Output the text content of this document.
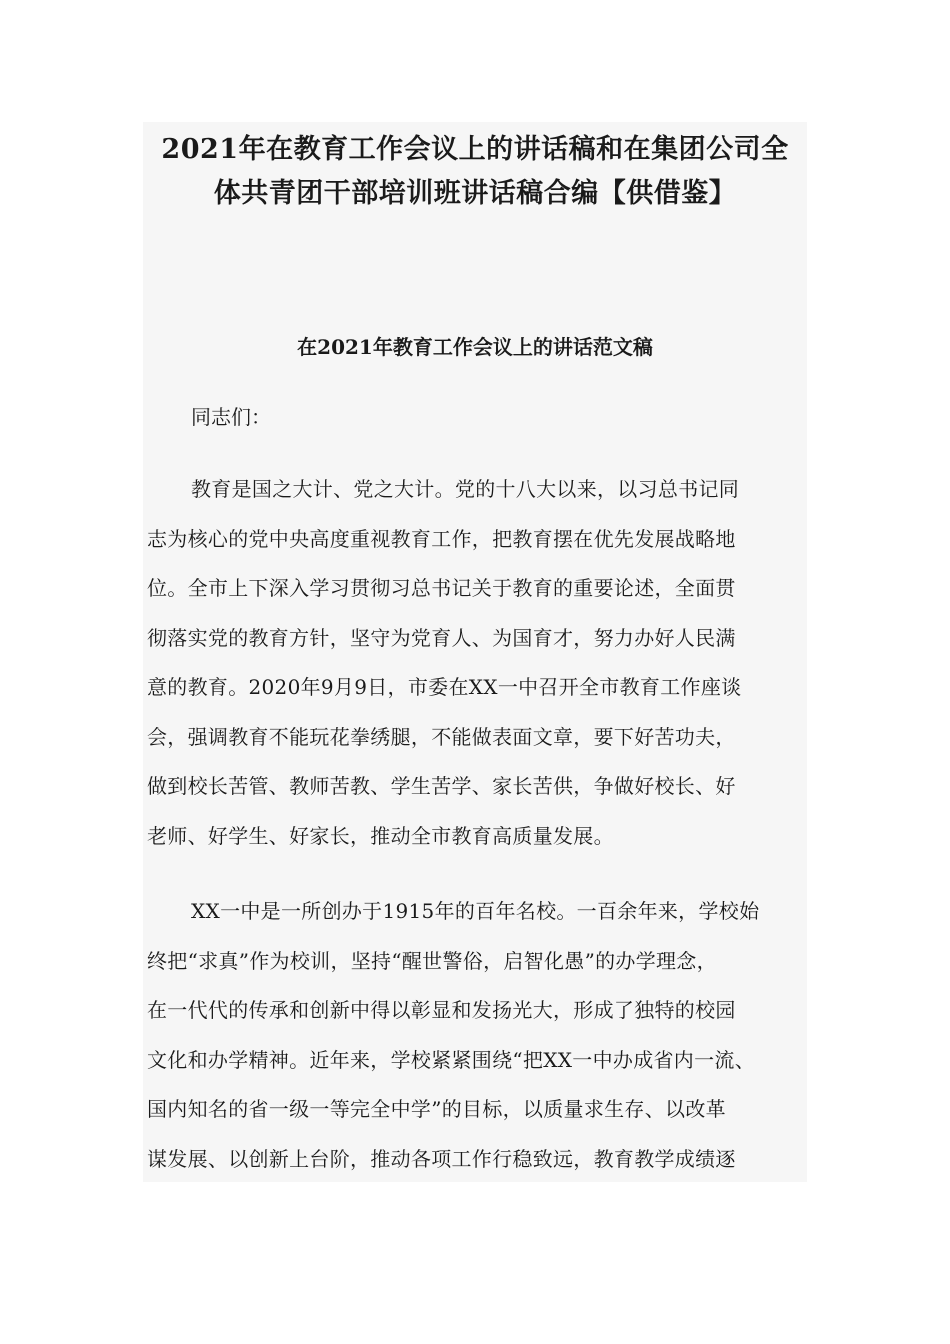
2021年在教育工作会议上的讲话稿和在集团公司全
体共青团干部培训班讲话稿合编【供借鉴】
在2021年教育工作会议上的讲话范文稿

同志们：

教育是国之大计、党之大计。党的十八大以来，以习总书记同
志为核心的党中央高度重视教育工作，把教育摆在优先发展战略地
位。全市上下深入学习贯彻习总书记关于教育的重要论述，全面贯
彻落实党的教育方针，坚守为党育人、为国育才，努力办好人民满
意的教育。2020年9月9日，市委在XX一中召开全市教育工作座谈
会，强调教育不能玩花拳绣腿，不能做表面文章，要下好苦功夫，
做到校长苦管、教师苦教、学生苦学、家长苦供，争做好校长、好
老师、好学生、好家长，推动全市教育高质量发展。
XX一中是一所创办于1915年的百年名校。一百余年来，学校始
终把“求真”作为校训，坚持“醒世警俗，启智化愚”的办学理念，
在一代代的传承和创新中得以彰显和发扬光大，形成了独特的校园
文化和办学精神。近年来，学校紧紧围绕“把XX一中办成省内一流、
国内知名的省一级一等完全中学”的目标，以质量求生存、以改革
谋发展、以创新上台阶，推动各项工作行稳致远，教育教学成绩逐
